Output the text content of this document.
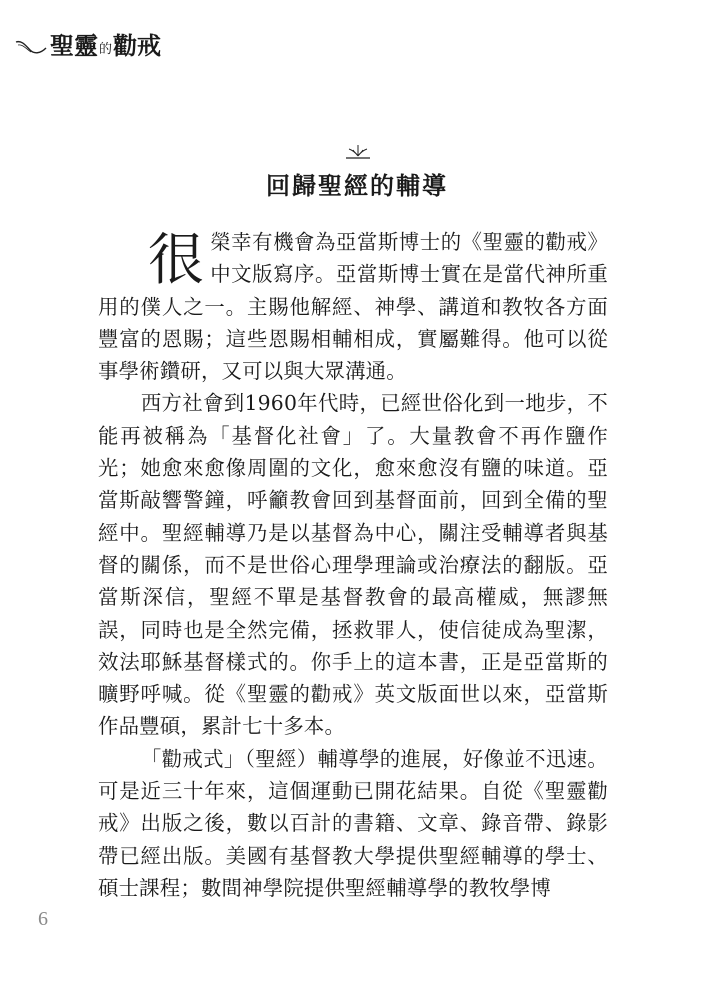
聖靈 的 勸戒
回歸聖經的輔導

很榮幸有機會為亞當斯博士的《聖靈的勸戒》中文版寫序。亞當斯博士實在是當代神所重用的僕人之一。主賜他解經、神學、講道和教牧各方面豐富的恩賜；這些恩賜相輔相成，實屬難得。他可以從事學術鑽研，又可以與大眾溝通。

西方社會到1960年代時，已經世俗化到一地步，不能再被稱為「基督化社會」了。大量教會不再作鹽作光；她愈來愈像周圍的文化，愈來愈沒有鹽的味道。亞當斯敲響警鐘，呼籲教會回到基督面前，回到全備的聖經中。聖經輔導乃是以基督為中心，關注受輔導者與基督的關係，而不是世俗心理學理論或治療法的翻版。亞當斯深信，聖經不單是基督教會的最高權威，無謬無誤，同時也是全然完備，拯救罪人，使信徒成為聖潔，效法耶穌基督樣式的。你手上的這本書，正是亞當斯的曠野呼喊。從《聖靈的勸戒》英文版面世以來，亞當斯作品豐碩，累計七十多本。

「勸戒式」（聖經）輔導學的進展，好像並不迅速。可是近三十年來，這個運動已開花結果。自從《聖靈勸戒》出版之後，數以百計的書籍、文章、錄音帶、錄影帶已經出版。美國有基督教大學提供聖經輔導的學士、碩士課程；數間神學院提供聖經輔導學的教牧學博

6
